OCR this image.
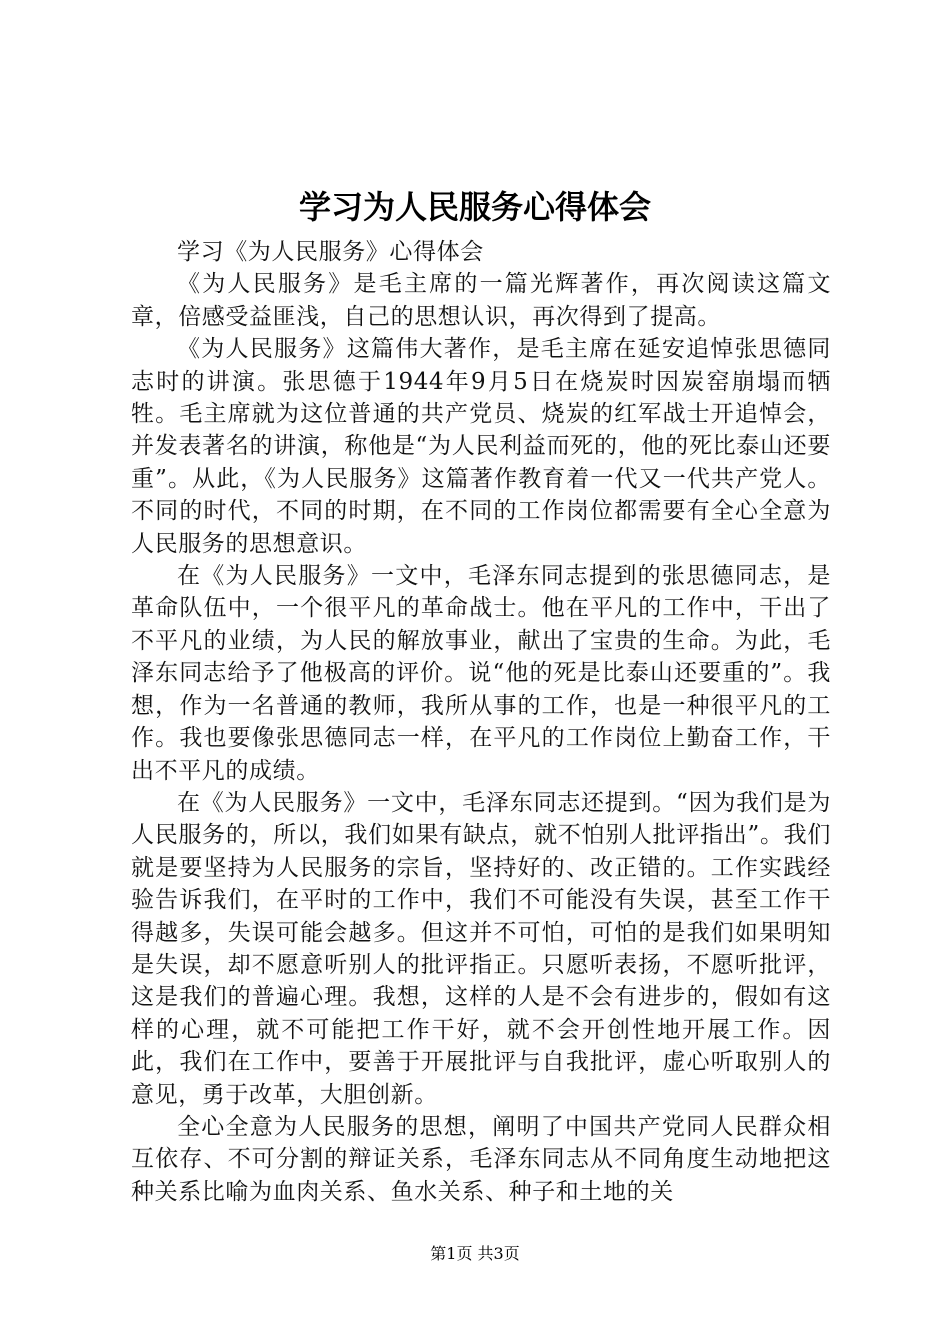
学习为人民服务心得体会

学习《为人民服务》心得体会

《为人民服务》是毛主席的一篇光辉著作，再次阅读这篇文章，倍感受益匪浅，自己的思想认识，再次得到了提高。

《为人民服务》这篇伟大著作，是毛主席在延安追悼张思德同志时的讲演。张思德于1944年9月5日在烧炭时因炭窑崩塌而牺牲。毛主席就为这位普通的共产党员、烧炭的红军战士开追悼会，并发表著名的讲演，称他是“为人民利益而死的，他的死比泰山还要重”。从此，《为人民服务》这篇著作教育着一代又一代共产党人。不同的时代，不同的时期，在不同的工作岗位都需要有全心全意为人民服务的思想意识。

在《为人民服务》一文中，毛泽东同志提到的张思德同志，是革命队伍中，一个很平凡的革命战士。他在平凡的工作中，干出了不平凡的业绩，为人民的解放事业，献出了宝贵的生命。为此，毛泽东同志给予了他极高的评价。说“他的死是比泰山还要重的”。我想，作为一名普通的教师，我所从事的工作，也是一种很平凡的工作。我也要像张思德同志一样，在平凡的工作岗位上勤奋工作，干出不平凡的成绩。

在《为人民服务》一文中，毛泽东同志还提到。“因为我们是为人民服务的，所以，我们如果有缺点，就不怕别人批评指出”。我们就是要坚持为人民服务的宗旨，坚持好的、改正错的。工作实践经验告诉我们，在平时的工作中，我们不可能没有失误，甚至工作干得越多，失误可能会越多。但这并不可怕，可怕的是我们如果明知是失误，却不愿意听别人的批评指正。只愿听表扬，不愿听批评，这是我们的普遍心理。我想，这样的人是不会有进步的，假如有这样的心理，就不可能把工作干好，就不会开创性地开展工作。因此，我们在工作中，要善于开展批评与自我批评，虚心听取别人的意见，勇于改革，大胆创新。

全心全意为人民服务的思想，阐明了中国共产党同人民群众相互依存、不可分割的辩证关系，毛泽东同志从不同角度生动地把这种关系比喻为血肉关系、鱼水关系、种子和土地的关

第1页 共3页
